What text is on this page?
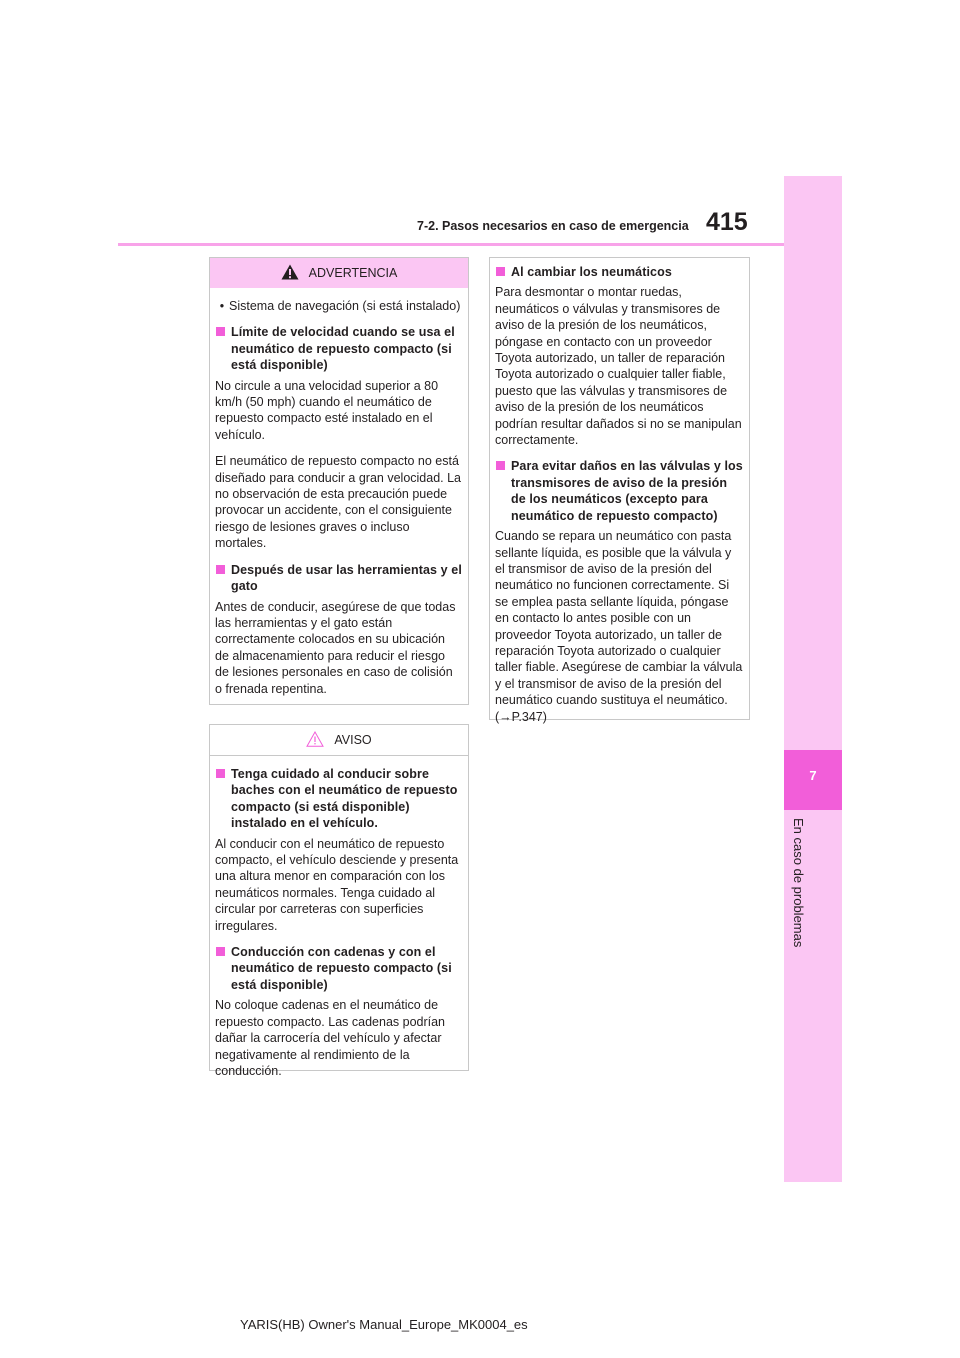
7
En caso de problemas
7-2. Pasos necesarios en caso de emergencia 415
ADVERTENCIA
• Sistema de navegación (si está instalado)
Límite de velocidad cuando se usa el neumático de repuesto compacto (si está disponible)
No circule a una velocidad superior a 80 km/h (50 mph) cuando el neumático de repuesto compacto esté instalado en el vehículo.
El neumático de repuesto compacto no está diseñado para conducir a gran velocidad. La no observación de esta precaución puede provocar un accidente, con el consiguiente riesgo de lesiones graves o incluso mortales.
Después de usar las herramientas y el gato
Antes de conducir, asegúrese de que todas las herramientas y el gato están correctamente colocados en su ubicación de almacenamiento para reducir el riesgo de lesiones personales en caso de colisión o frenada repentina.
AVISO
Tenga cuidado al conducir sobre baches con el neumático de repuesto compacto (si está disponible) instalado en el vehículo.
Al conducir con el neumático de repuesto compacto, el vehículo desciende y presenta una altura menor en comparación con los neumáticos normales. Tenga cuidado al circular por carreteras con superficies irregulares.
Conducción con cadenas y con el neumático de repuesto compacto (si está disponible)
No coloque cadenas en el neumático de repuesto compacto. Las cadenas podrían dañar la carrocería del vehículo y afectar negativamente al rendimiento de la conducción.
Al cambiar los neumáticos
Para desmontar o montar ruedas, neumáticos o válvulas y transmisores de aviso de la presión de los neumáticos, póngase en contacto con un proveedor Toyota autorizado, un taller de reparación Toyota autorizado o cualquier taller fiable, puesto que las válvulas y transmisores de aviso de la presión de los neumáticos podrían resultar dañados si no se manipulan correctamente.
Para evitar daños en las válvulas y los transmisores de aviso de la presión de los neumáticos (excepto para neumático de repuesto compacto)
Cuando se repara un neumático con pasta sellante líquida, es posible que la válvula y el transmisor de aviso de la presión del neumático no funcionen correctamente. Si se emplea pasta sellante líquida, póngase en contacto lo antes posible con un proveedor Toyota autorizado, un taller de reparación Toyota autorizado o cualquier taller fiable. Asegúrese de cambiar la válvula y el transmisor de aviso de la presión del neumático cuando sustituya el neumático. (→P.347)
YARIS(HB) Owner's Manual_Europe_MK0004_es
